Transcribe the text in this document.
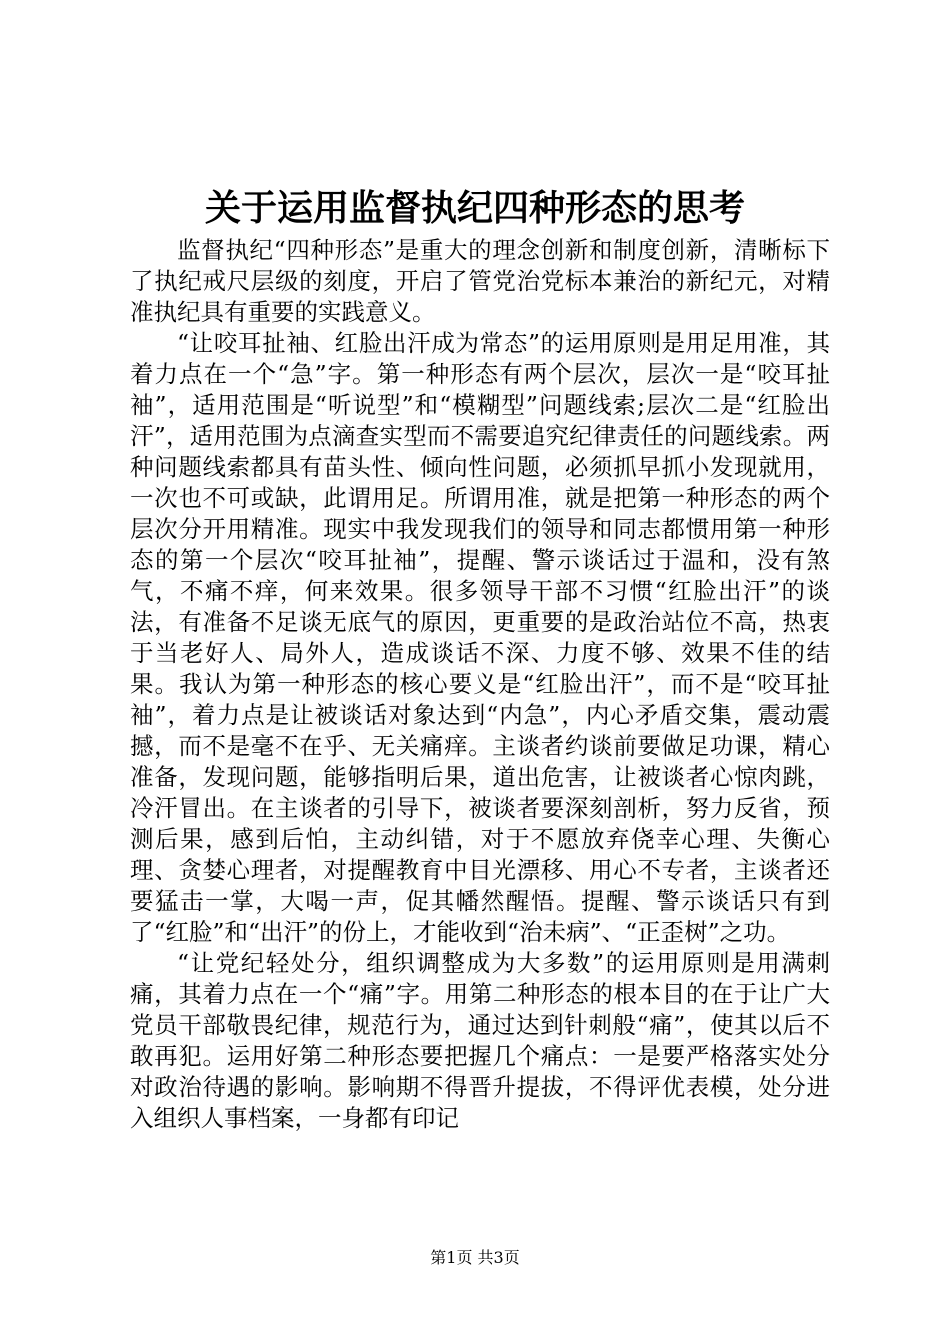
关于运用监督执纪四种形态的思考

监督执纪“四种形态”是重大的理念创新和制度创新，清晰标下了执纪戒尺层级的刻度，开启了管党治党标本兼治的新纪元，对精准执纪具有重要的实践意义。

“让咬耳扯袖、红脸出汗成为常态”的运用原则是用足用准，其着力点在一个“急”字。第一种形态有两个层次，层次一是“咬耳扯袖”，适用范围是“听说型”和“模糊型”问题线索;层次二是“红脸出汗”，适用范围为点滴查实型而不需要追究纪律责任的问题线索。两种问题线索都具有苗头性、倾向性问题，必须抓早抓小发现就用，一次也不可或缺，此谓用足。所谓用准，就是把第一种形态的两个层次分开用精准。现实中我发现我们的领导和同志都惯用第一种形态的第一个层次“咬耳扯袖”，提醒、警示谈话过于温和，没有煞气，不痛不痒，何来效果。很多领导干部不习惯“红脸出汗”的谈法，有准备不足谈无底气的原因，更重要的是政治站位不高，热衷于当老好人、局外人，造成谈话不深、力度不够、效果不佳的结果。我认为第一种形态的核心要义是“红脸出汗”，而不是“咬耳扯袖”，着力点是让被谈话对象达到“内急”，内心矛盾交集，震动震撼，而不是毫不在乎、无关痛痒。主谈者约谈前要做足功课，精心准备，发现问题，能够指明后果，道出危害，让被谈者心惊肉跳，冷汗冒出。在主谈者的引导下，被谈者要深刻剖析，努力反省，预测后果，感到后怕，主动纠错，对于不愿放弃侥幸心理、失衡心理、贪婪心理者，对提醒教育中目光漂移、用心不专者，主谈者还要猛击一掌，大喝一声，促其幡然醒悟。提醒、警示谈话只有到了“红脸”和“出汗”的份上，才能收到“治未病”、“正歪树”之功。

“让党纪轻处分，组织调整成为大多数”的运用原则是用满刺痛，其着力点在一个“痛”字。用第二种形态的根本目的在于让广大党员干部敬畏纪律，规范行为，通过达到针刺般“痛”，使其以后不敢再犯。运用好第二种形态要把握几个痛点：一是要严格落实处分对政治待遇的影响。影响期不得晋升提拔，不得评优表模，处分进入组织人事档案，一身都有印记

第1页 共3页
